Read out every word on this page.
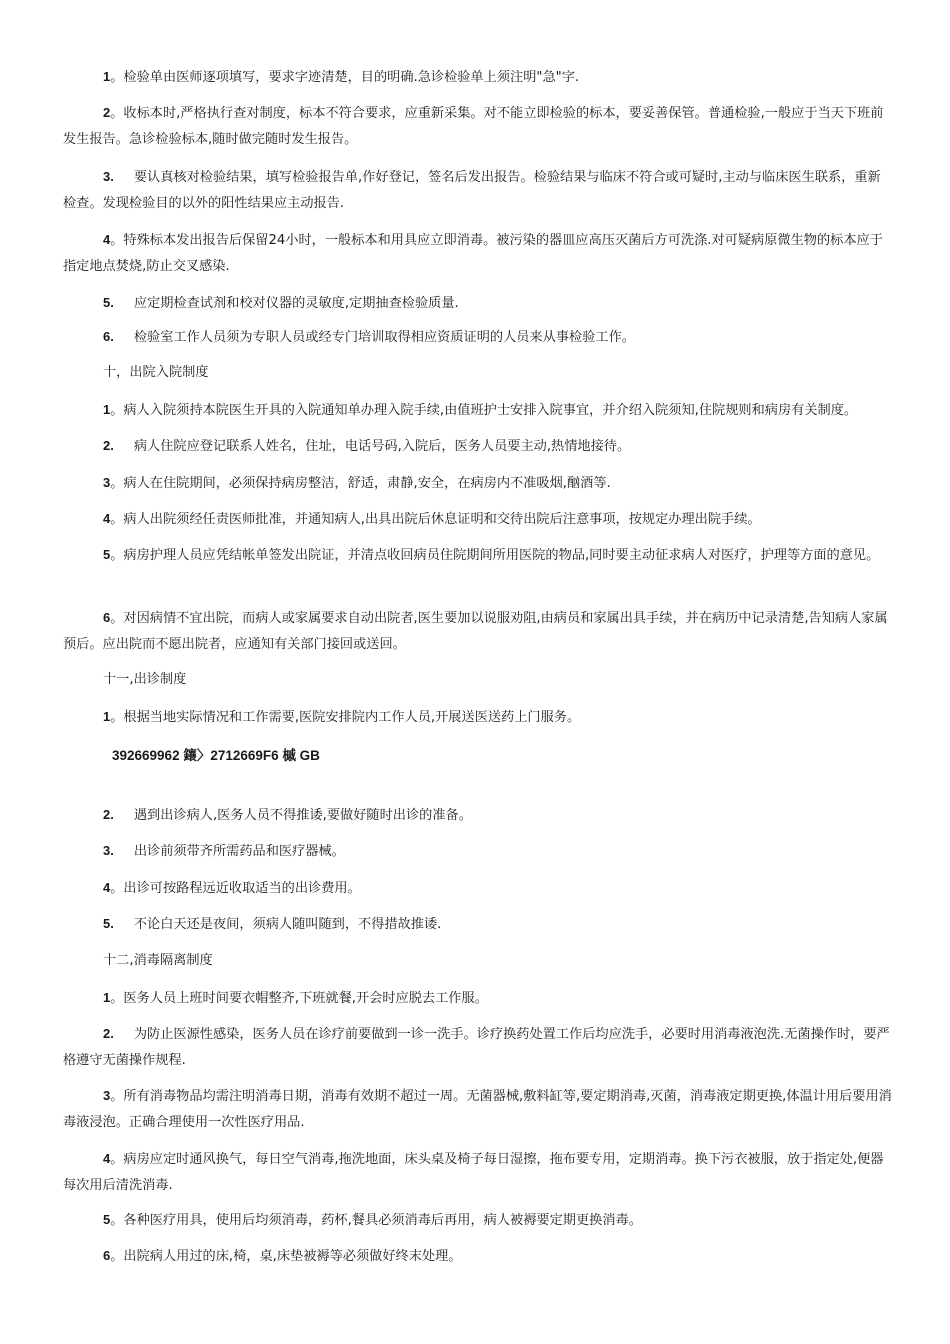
1。检验单由医师逐项填写，要求字迹清楚，目的明确.急诊检验单上须注明"急"字.

2。收标本时,严格执行查对制度，标本不符合要求，应重新采集。对不能立即检验的标本，要妥善保管。普通检验,一般应于当天下班前发生报告。急诊检验标本,随时做完随时发生报告。

3. 要认真核对检验结果，填写检验报告单,作好登记，签名后发出报告。检验结果与临床不符合或可疑时,主动与临床医生联系，重新检查。发现检验目的以外的阳性结果应主动报告.

4。特殊标本发出报告后保留24小时，一般标本和用具应立即消毒。被污染的器皿应高压灭菌后方可洗涤.对可疑病原微生物的标本应于指定地点焚烧,防止交叉感染.

5. 应定期检查试剂和校对仪器的灵敏度,定期抽查检验质量.

6. 检验室工作人员须为专职人员或经专门培训取得相应资质证明的人员来从事检验工作。

十，出院入院制度

1。病人入院须持本院医生开具的入院通知单办理入院手续,由值班护士安排入院事宜，并介绍入院须知,住院规则和病房有关制度。

2. 病人住院应登记联系人姓名，住址，电话号码,入院后，医务人员要主动,热情地接待。

3。病人在住院期间，必须保持病房整洁，舒适，肃静,安全，在病房内不准吸烟,酗酒等.

4。病人出院须经任责医师批准，并通知病人,出具出院后休息证明和交待出院后注意事项，按规定办理出院手续。

5。病房护理人员应凭结帐单签发出院证，并清点收回病员住院期间所用医院的物品,同时要主动征求病人对医疗，护理等方面的意见。

6。对因病情不宜出院，而病人或家属要求自动出院者,医生要加以说服劝阻,由病员和家属出具手续，并在病历中记录清楚,告知病人家属预后。应出院而不愿出院者，应通知有关部门接回或送回。

十一,出诊制度

1。根据当地实际情况和工作需要,医院安排院内工作人员,开展送医送药上门服务。

392669962 鑲〉2712669F6 槭 GB

2. 遇到出诊病人,医务人员不得推诿,要做好随时出诊的准备。

3. 出诊前须带齐所需药品和医疗器械。

4。出诊可按路程远近收取适当的出诊费用。

5. 不论白天还是夜间，须病人随叫随到，不得措故推诿.

十二,消毒隔离制度

1。医务人员上班时间要衣帽整齐,下班就餐,开会时应脱去工作服。

2. 为防止医源性感染，医务人员在诊疗前要做到一诊一洗手。诊疗换药处置工作后均应洗手，必要时用消毒液泡洗.无菌操作时，要严格遵守无菌操作规程.

3。所有消毒物品均需注明消毒日期，消毒有效期不超过一周。无菌器械,敷料缸等,要定期消毒,灭菌，消毒液定期更换,体温计用后要用消毒液浸泡。正确合理使用一次性医疗用品.

4。病房应定时通风换气，每日空气消毒,拖洗地面，床头桌及椅子每日湿擦，拖布要专用，定期消毒。换下污衣被服，放于指定处,便器每次用后清洗消毒.

5。各种医疗用具，使用后均须消毒，药杯,餐具必须消毒后再用，病人被褥要定期更换消毒。

6。出院病人用过的床,椅，桌,床垫被褥等必须做好终末处理。
